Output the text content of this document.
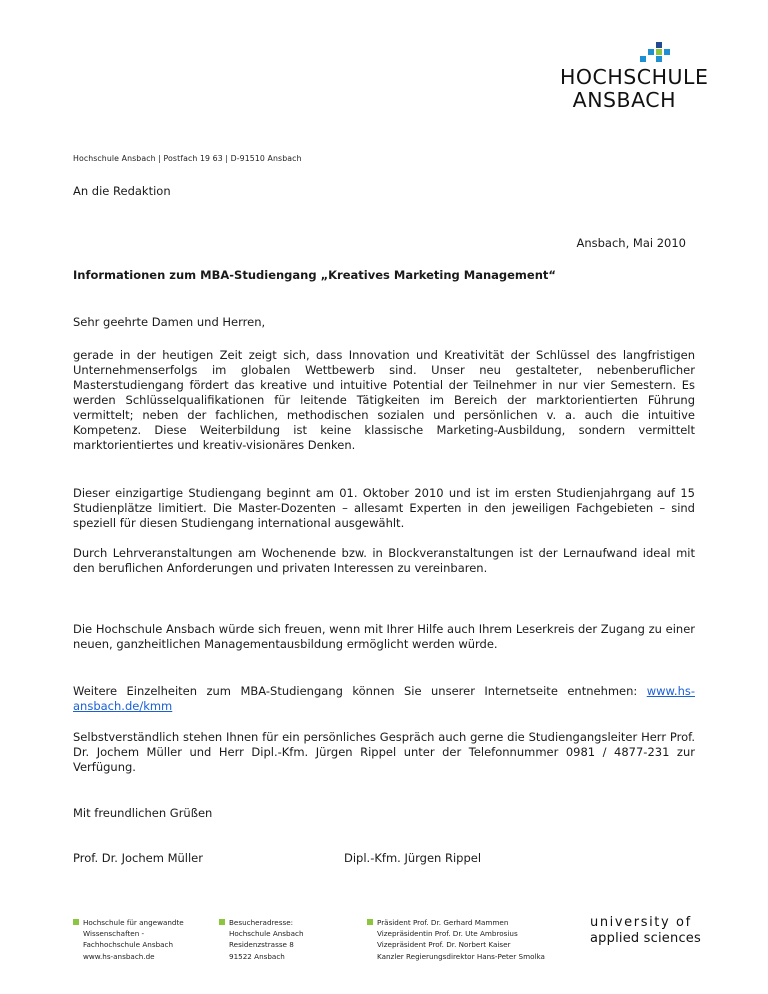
HOCHSCHULE
ANSBACH
Hochschule Ansbach | Postfach 19 63 | D-91510 Ansbach
An die Redaktion
Ansbach, Mai 2010
Informationen zum MBA-Studiengang „Kreatives Marketing Management“
Sehr geehrte Damen und Herren,

gerade in der heutigen Zeit zeigt sich, dass Innovation und Kreativität der Schlüssel des langfristigen Unternehmenserfolgs im globalen Wettbewerb sind. Unser neu gestalteter, nebenberuflicher Masterstudiengang fördert das kreative und intuitive Potential der Teilnehmer in nur vier Semestern. Es werden Schlüsselqualifikationen für leitende Tätigkeiten im Bereich der marktorientierten Führung vermittelt; neben der fachlichen, methodischen sozialen und persönlichen v. a. auch die intuitive Kompetenz. Diese Weiterbildung ist keine klassische Marketing-Ausbildung, sondern vermittelt marktorientiertes und kreativ-visionäres Denken.

Dieser einzigartige Studiengang beginnt am 01. Oktober 2010 und ist im ersten Studienjahrgang auf 15 Studienplätze limitiert. Die Master-Dozenten – allesamt Experten in den jeweiligen Fachgebieten – sind speziell für diesen Studiengang international ausgewählt.

Durch Lehrveranstaltungen am Wochenende bzw. in Blockveranstaltungen ist der Lernaufwand ideal mit den beruflichen Anforderungen und privaten Interessen zu vereinbaren.

Die Hochschule Ansbach würde sich freuen, wenn mit Ihrer Hilfe auch Ihrem Leserkreis der Zugang zu einer neuen, ganzheitlichen Managementausbildung ermöglicht werden würde.

Weitere Einzelheiten zum MBA-Studiengang können Sie unserer Internetseite entnehmen: www.hs-ansbach.de/kmm

Selbstverständlich stehen Ihnen für ein persönliches Gespräch auch gerne die Studiengangsleiter Herr Prof. Dr. Jochem Müller und Herr Dipl.-Kfm. Jürgen Rippel unter der Telefonnummer 0981 / 4877-231 zur Verfügung.

Mit freundlichen Grüßen
Prof. Dr. Jochem Müller	Dipl.-Kfm. Jürgen Rippel
Hochschule für angewandte
Wissenschaften -
Fachhochschule Ansbach
www.hs-ansbach.de
Besucheradresse:
Hochschule Ansbach
Residenzstrasse 8
91522 Ansbach
Präsident Prof. Dr. Gerhard Mammen
Vizepräsidentin Prof. Dr. Ute Ambrosius
Vizepräsident Prof. Dr. Norbert Kaiser
Kanzler Regierungsdirektor Hans-Peter Smolka
university of
applied sciences
